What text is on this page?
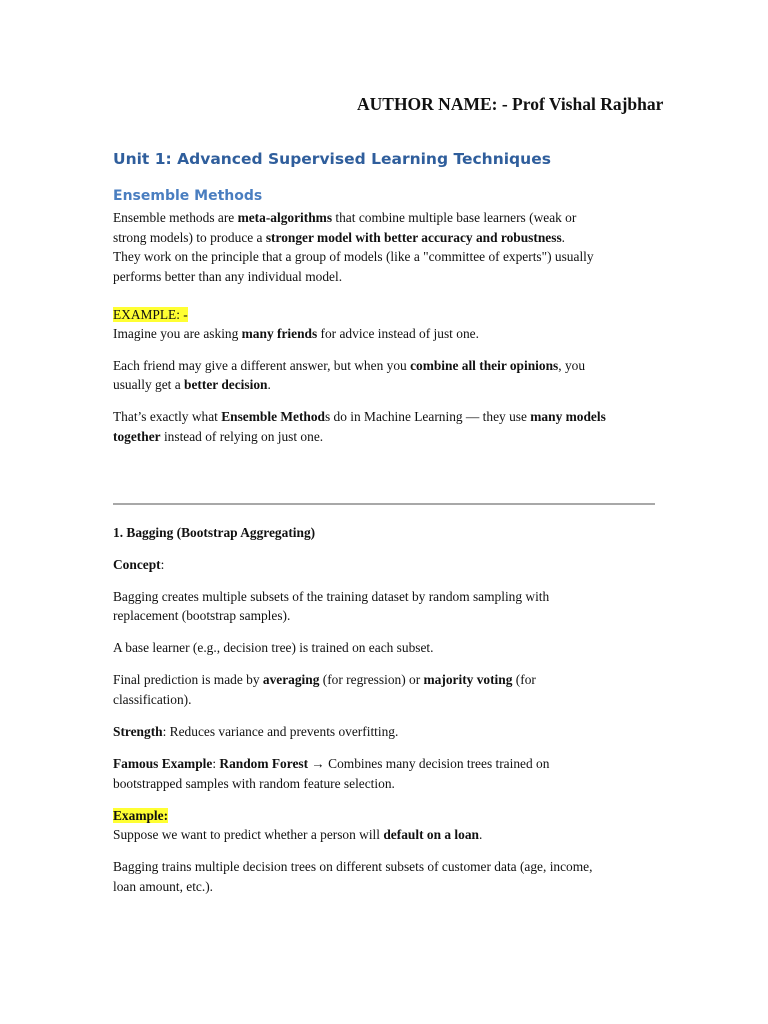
AUTHOR NAME: - Prof Vishal Rajbhar

Unit 1: Advanced Supervised Learning Techniques

Ensemble Methods

Ensemble methods are meta-algorithms that combine multiple base learners (weak or
strong models) to produce a stronger model with better accuracy and robustness.
They work on the principle that a group of models (like a "committee of experts") usually
performs better than any individual model.
EXAMPLE: -
Imagine you are asking many friends for advice instead of just one.
Each friend may give a different answer, but when you combine all their opinions, you
usually get a better decision.
That’s exactly what Ensemble Methods do in Machine Learning — they use many models
together instead of relying on just one.
1. Bagging (Bootstrap Aggregating)
Concept:
Bagging creates multiple subsets of the training dataset by random sampling with
replacement (bootstrap samples).
A base learner (e.g., decision tree) is trained on each subset.
Final prediction is made by averaging (for regression) or majority voting (for
classification).
Strength: Reduces variance and prevents overfitting.
Famous Example: Random Forest → Combines many decision trees trained on
bootstrapped samples with random feature selection.
Example:
Suppose we want to predict whether a person will default on a loan.
Bagging trains multiple decision trees on different subsets of customer data (age, income,
loan amount, etc.).
